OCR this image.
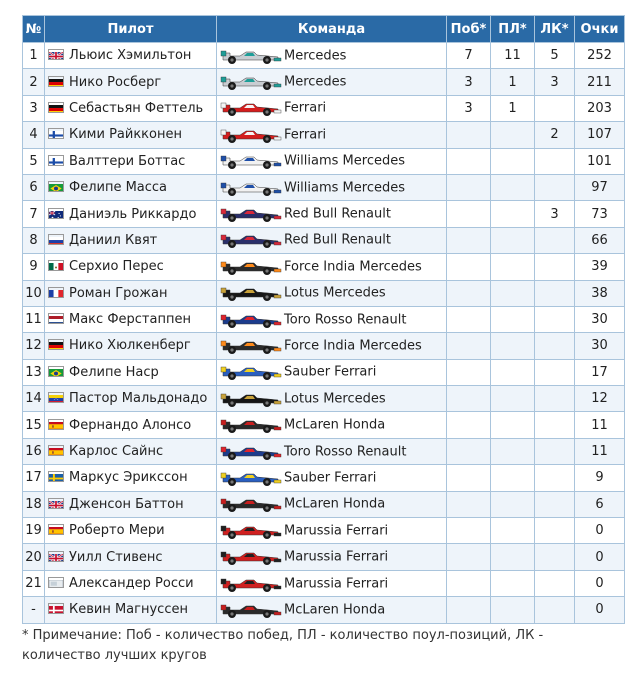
№	Пилот	Команда	Поб*	ПЛ*	ЛК*	Очки
1	Льюис Хэмильтон	Mercedes	7	11	5	252
2	Нико Росберг	Mercedes	3	1	3	211
3	Себастьян Феттель	Ferrari	3	1		203
4	Кими Райкконен	Ferrari			2	107
5	Валттери Боттас	Williams Mercedes				101
6	Фелипе Масса	Williams Mercedes				97
7	Даниэль Риккардо	Red Bull Renault			3	73
8	Даниил Квят	Red Bull Renault				66
9	Серхио Перес	Force India Mercedes				39
10	Роман Грожан	Lotus Mercedes				38
11	Макс Ферстаппен	Toro Rosso Renault				30
12	Нико Хюлкенберг	Force India Mercedes				30
13	Фелипе Наср	Sauber Ferrari				17
14	Пастор Мальдонадо	Lotus Mercedes				12
15	Фернандо Алонсо	McLaren Honda				11
16	Карлос Сайнс	Toro Rosso Renault				11
17	Маркус Эрикссон	Sauber Ferrari				9
18	Дженсон Баттон	McLaren Honda				6
19	Роберто Мери	Marussia Ferrari				0
20	Уилл Стивенс	Marussia Ferrari				0
21	Александер Росси	Marussia Ferrari				0
-	Кевин Магнуссен	McLaren Honda				0
* Примечание: Поб - количество побед, ПЛ - количество поул-позиций, ЛК - количество лучших кругов
